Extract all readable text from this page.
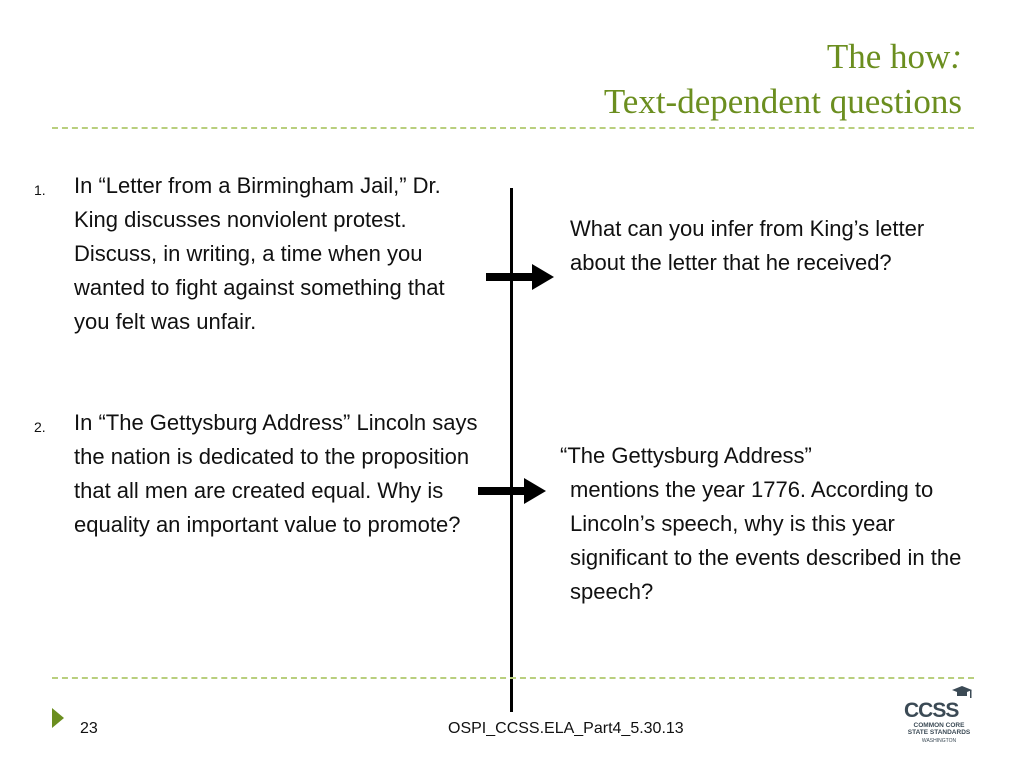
The how:
Text-dependent questions
1. In “Letter from a Birmingham Jail,” Dr. King discusses nonviolent protest. Discuss, in writing, a time when you wanted to fight against something that you felt was unfair.
2. In “The Gettysburg Address” Lincoln says the nation is dedicated to the proposition that all men are created equal. Why is equality an important value to promote?
What can you infer from King’s letter about the letter that he received?
“The Gettysburg Address”
mentions the year 1776. According to Lincoln’s speech, why is this year significant to the events described in the speech?
23	OSPI_CCSS.ELA_Part4_5.30.13
CCSS
COMMON CORE
STATE STANDARDS
WASHINGTON
